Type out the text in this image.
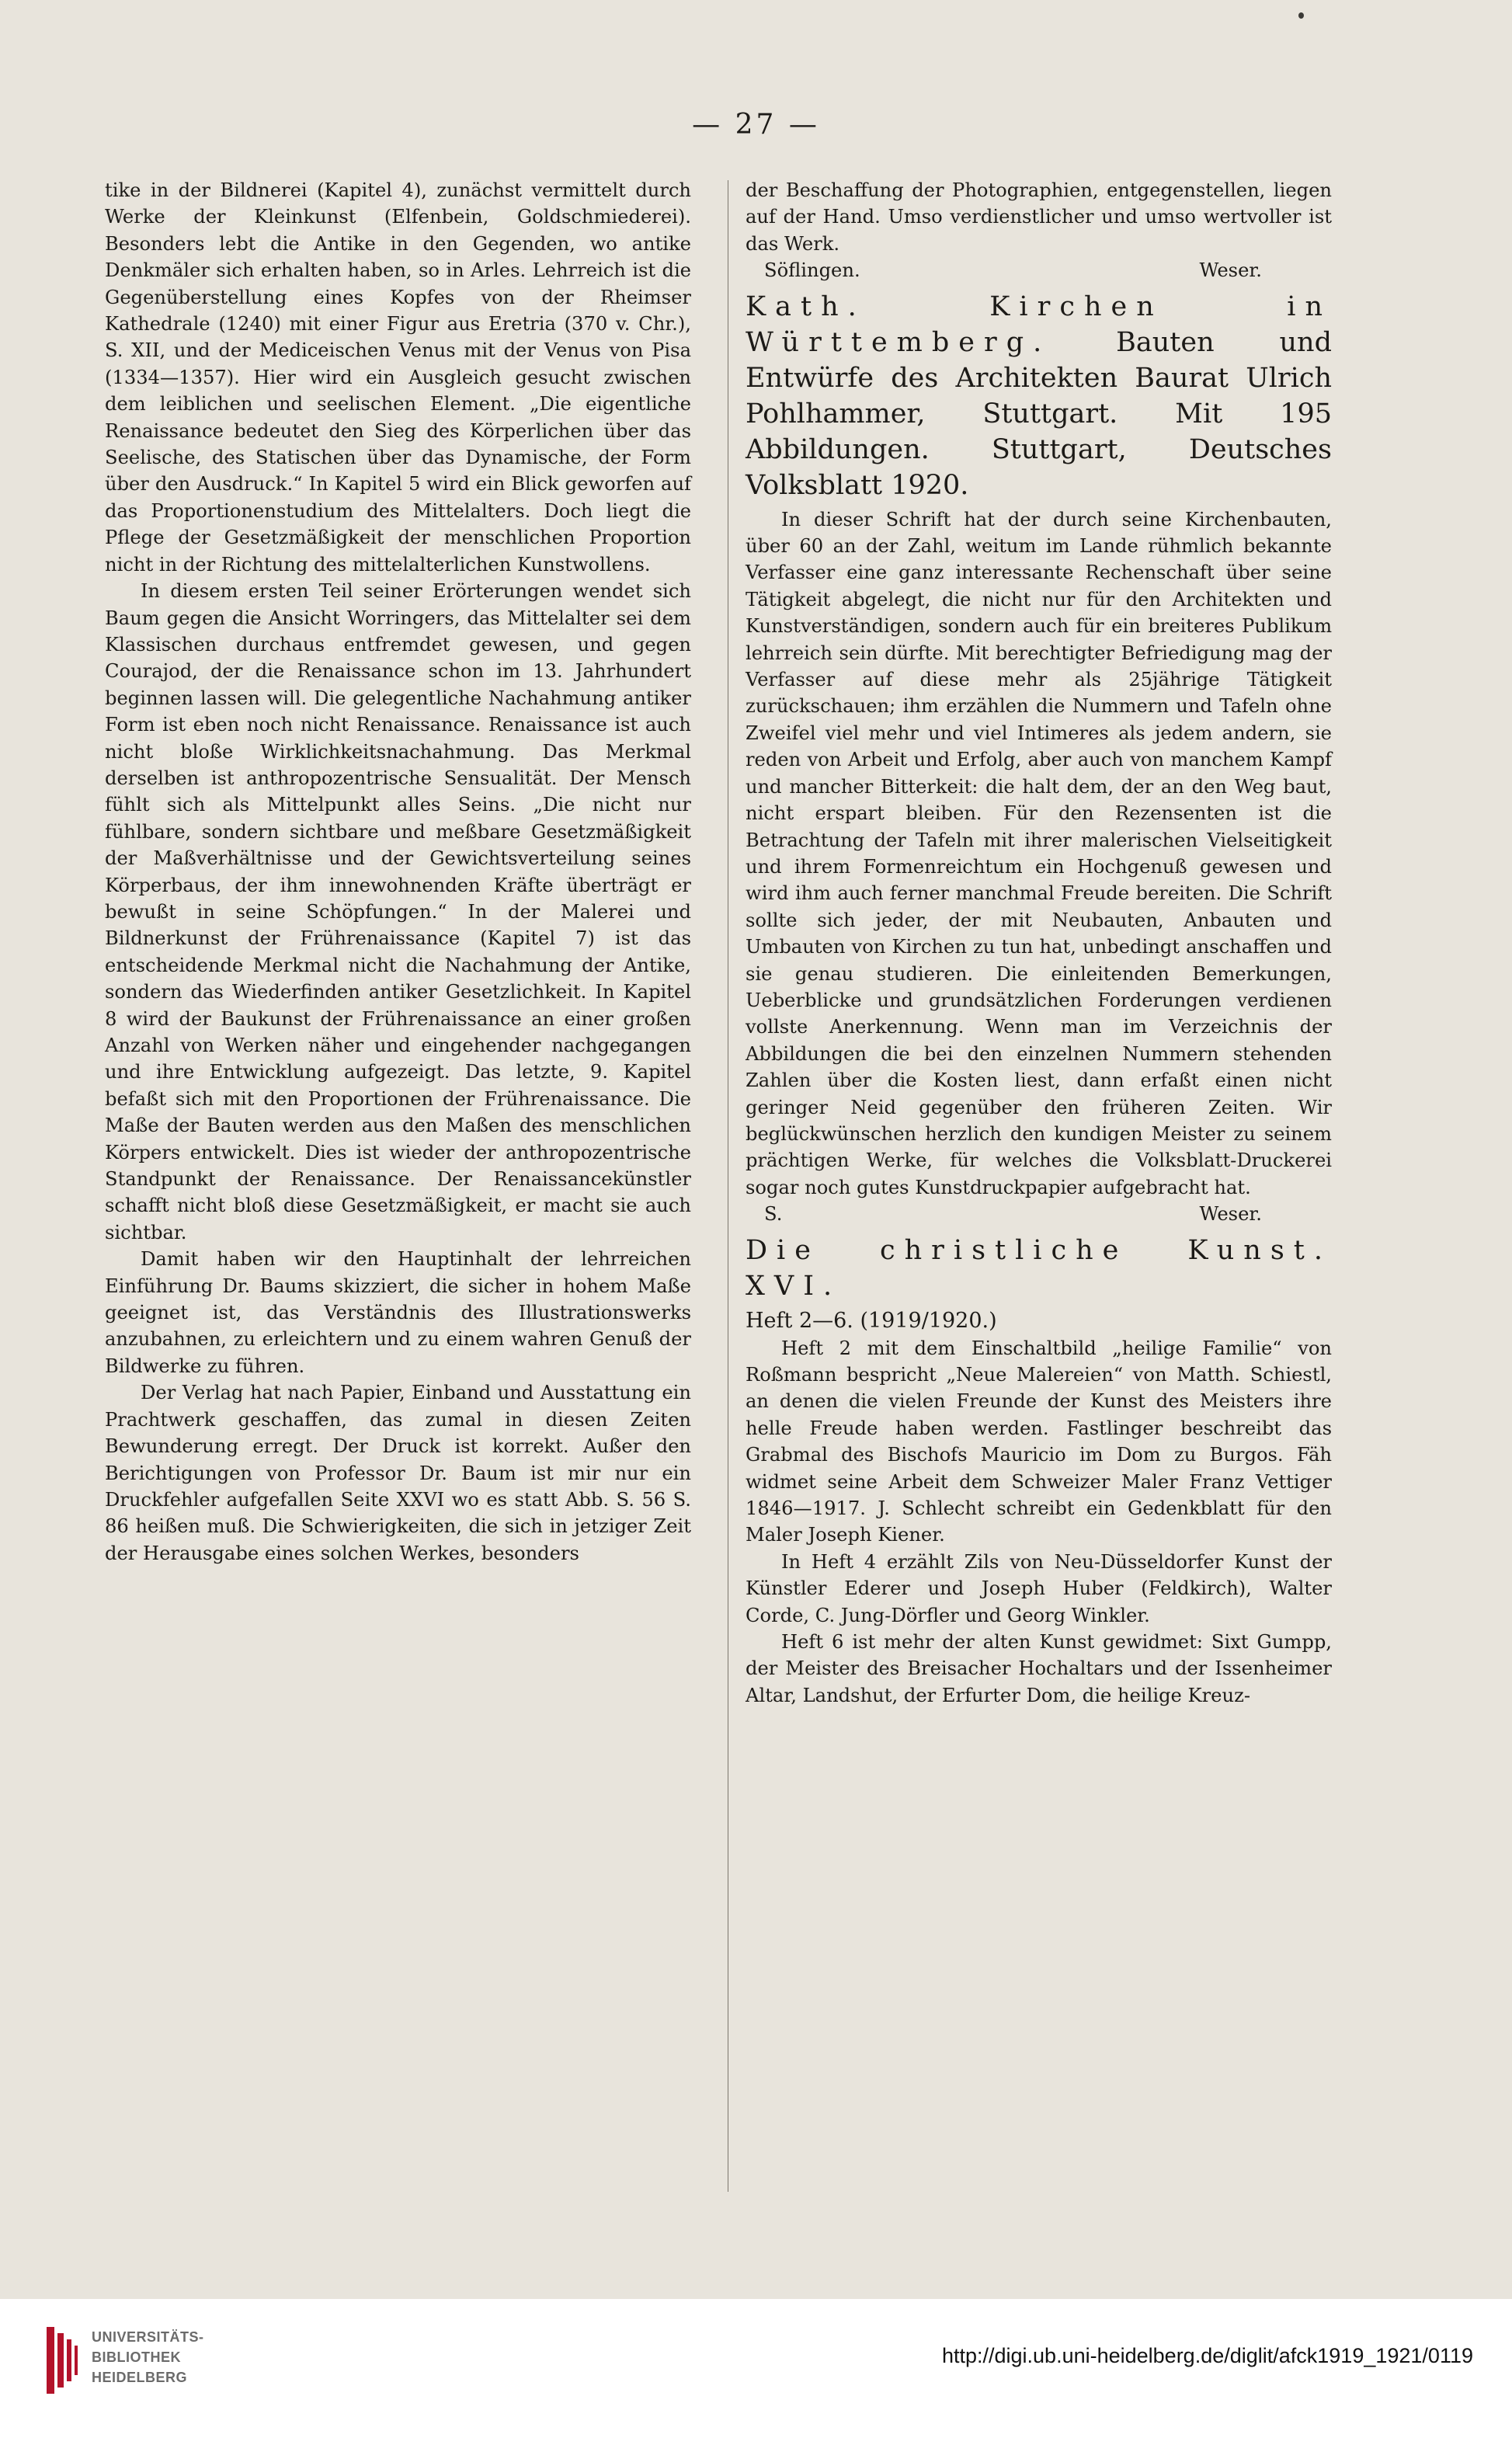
— 27 —

tike in der Bildnerei (Kapitel 4), zunächst vermittelt durch Werke der Kleinkunst (Elfenbein, Goldschmiederei). Besonders lebt die Antike in den Gegenden, wo antike Denkmäler sich erhalten haben, so in Arles. Lehrreich ist die Gegenüberstellung eines Kopfes von der Rheimser Kathedrale (1240) mit einer Figur aus Eretria (370 v. Chr.), S. XII, und der Mediceischen Venus mit der Venus von Pisa (1334—1357). Hier wird ein Ausgleich gesucht zwischen dem leiblichen und seelischen Element. „Die eigentliche Renaissance bedeutet den Sieg des Körperlichen über das Seelische, des Statischen über das Dynamische, der Form über den Ausdruck.“ In Kapitel 5 wird ein Blick geworfen auf das Proportionenstudium des Mittelalters. Doch liegt die Pflege der Gesetzmäßigkeit der menschlichen Proportion nicht in der Richtung des mittelalterlichen Kunstwollens.

In diesem ersten Teil seiner Erörterungen wendet sich Baum gegen die Ansicht Worringers, das Mittelalter sei dem Klassischen durchaus entfremdet gewesen, und gegen Courajod, der die Renaissance schon im 13. Jahrhundert beginnen lassen will. Die gelegentliche Nachahmung antiker Form ist eben noch nicht Renaissance. Renaissance ist auch nicht bloße Wirklichkeitsnachahmung. Das Merkmal derselben ist anthropozentrische Sensualität. Der Mensch fühlt sich als Mittelpunkt alles Seins. „Die nicht nur fühlbare, sondern sichtbare und meßbare Gesetzmäßigkeit der Maßverhältnisse und der Gewichtsverteilung seines Körperbaus, der ihm innewohnenden Kräfte überträgt er bewußt in seine Schöpfungen.“ In der Malerei und Bildnerkunst der Frührenaissance (Kapitel 7) ist das entscheidende Merkmal nicht die Nachahmung der Antike, sondern das Wiederfinden antiker Gesetzlichkeit. In Kapitel 8 wird der Baukunst der Frührenaissance an einer großen Anzahl von Werken näher und eingehender nachgegangen und ihre Entwicklung aufgezeigt. Das letzte, 9. Kapitel befaßt sich mit den Proportionen der Frührenaissance. Die Maße der Bauten werden aus den Maßen des menschlichen Körpers entwickelt. Dies ist wieder der anthropozentrische Standpunkt der Renaissance. Der Renaissancekünstler schafft nicht bloß diese Gesetzmäßigkeit, er macht sie auch sichtbar.

Damit haben wir den Hauptinhalt der lehrreichen Einführung Dr. Baums skizziert, die sicher in hohem Maße geeignet ist, das Verständnis des Illustrationswerks anzubahnen, zu erleichtern und zu einem wahren Genuß der Bildwerke zu führen.

Der Verlag hat nach Papier, Einband und Ausstattung ein Prachtwerk geschaffen, das zumal in diesen Zeiten Bewunderung erregt. Der Druck ist korrekt. Außer den Berichtigungen von Professor Dr. Baum ist mir nur ein Druckfehler aufgefallen Seite XXVI wo es statt Abb. S. 56 S. 86 heißen muß. Die Schwierigkeiten, die sich in jetziger Zeit der Herausgabe eines solchen Werkes, besonders

der Beschaffung der Photographien, entgegenstellen, liegen auf der Hand. Umso verdienstlicher und umso wertvoller ist das Werk.

Söflingen.	Weser.

Kath. Kirchen in Württemberg. Bauten und Entwürfe des Architekten Baurat Ulrich Pohlhammer, Stuttgart. Mit 195 Abbildungen. Stuttgart, Deutsches Volksblatt 1920.

In dieser Schrift hat der durch seine Kirchenbauten, über 60 an der Zahl, weitum im Lande rühmlich bekannte Verfasser eine ganz interessante Rechenschaft über seine Tätigkeit abgelegt, die nicht nur für den Architekten und Kunstverständigen, sondern auch für ein breiteres Publikum lehrreich sein dürfte. Mit berechtigter Befriedigung mag der Verfasser auf diese mehr als 25jährige Tätigkeit zurückschauen; ihm erzählen die Nummern und Tafeln ohne Zweifel viel mehr und viel Intimeres als jedem andern, sie reden von Arbeit und Erfolg, aber auch von manchem Kampf und mancher Bitterkeit: die halt dem, der an den Weg baut, nicht erspart bleiben. Für den Rezensenten ist die Betrachtung der Tafeln mit ihrer malerischen Vielseitigkeit und ihrem Formenreichtum ein Hochgenuß gewesen und wird ihm auch ferner manchmal Freude bereiten. Die Schrift sollte sich jeder, der mit Neubauten, Anbauten und Umbauten von Kirchen zu tun hat, unbedingt anschaffen und sie genau studieren. Die einleitenden Bemerkungen, Ueberblicke und grundsätzlichen Forderungen verdienen vollste Anerkennung. Wenn man im Verzeichnis der Abbildungen die bei den einzelnen Nummern stehenden Zahlen über die Kosten liest, dann erfaßt einen nicht geringer Neid gegenüber den früheren Zeiten. Wir beglückwünschen herzlich den kundigen Meister zu seinem prächtigen Werke, für welches die Volksblatt-Druckerei sogar noch gutes Kunstdruckpapier aufgebracht hat.

S.	Weser.

Die christliche Kunst. XVI.

Heft 2—6. (1919/1920.)

Heft 2 mit dem Einschaltbild „heilige Familie“ von Roßmann bespricht „Neue Malereien“ von Matth. Schiestl, an denen die vielen Freunde der Kunst des Meisters ihre helle Freude haben werden. Fastlinger beschreibt das Grabmal des Bischofs Mauricio im Dom zu Burgos. Fäh widmet seine Arbeit dem Schweizer Maler Franz Vettiger 1846—1917. J. Schlecht schreibt ein Gedenkblatt für den Maler Joseph Kiener.

In Heft 4 erzählt Zils von Neu-Düsseldorfer Kunst der Künstler Ederer und Joseph Huber (Feldkirch), Walter Corde, C. Jung-Dörfler und Georg Winkler.

Heft 6 ist mehr der alten Kunst gewidmet: Sixt Gumpp, der Meister des Breisacher Hochaltars und der Issenheimer Altar, Landshut, der Erfurter Dom, die heilige Kreuz-

UNIVERSITÄTS-
BIBLIOTHEK
HEIDELBERG
http://digi.ub.uni-heidelberg.de/diglit/afck1919_1921/0119
